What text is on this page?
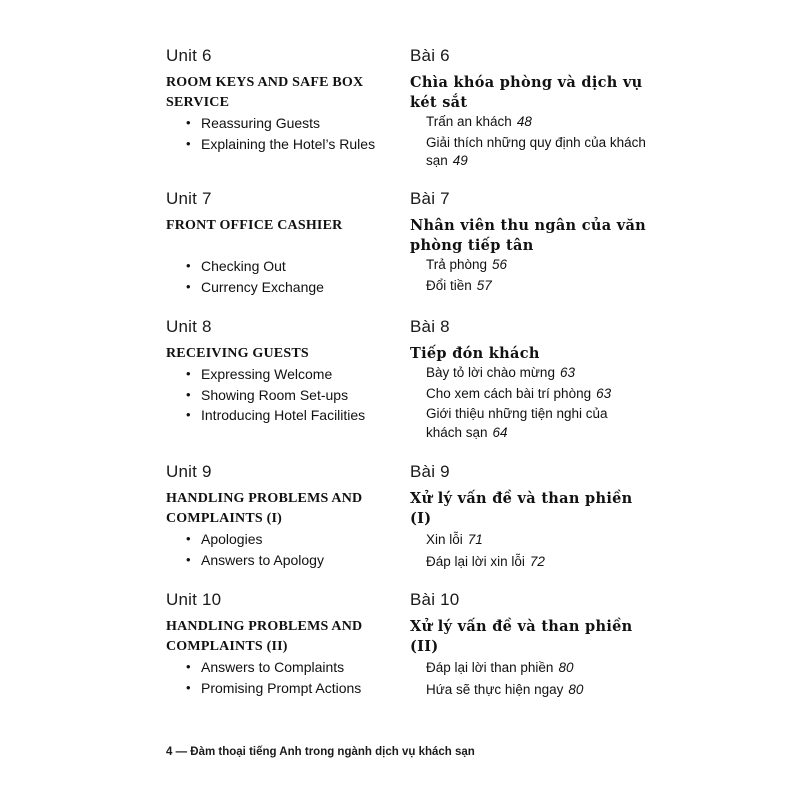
Unit 6
ROOM KEYS AND SAFE BOX SERVICE
• Reassuring Guests
• Explaining the Hotel’s Rules
Unit 7
FRONT OFFICE CASHIER
• Checking Out
• Currency Exchange
Unit 8
RECEIVING GUESTS
• Expressing Welcome
• Showing Room Set-ups
• Introducing Hotel Facilities
Unit 9
HANDLING PROBLEMS AND COMPLAINTS (I)
• Apologies
• Answers to Apology
Unit 10
HANDLING PROBLEMS AND COMPLAINTS (II)
• Answers to Complaints
• Promising Prompt Actions
Bài 6
Chìa khóa phòng và dịch vụ két sắt
Trấn an khách 48
Giải thích những quy định của khách sạn 49
Bài 7
Nhân viên thu ngân của văn phòng tiếp tân
Trả phòng 56
Đổi tiền 57
Bài 8
Tiếp đón khách
Bày tỏ lời chào mừng 63
Cho xem cách bài trí phòng 63
Giới thiệu những tiện nghi của khách sạn 64
Bài 9
Xử lý vấn đề và than phiền (I)
Xin lỗi 71
Đáp lại lời xin lỗi 72
Bài 10
Xử lý vấn đề và than phiền (II)
Đáp lại lời than phiền 80
Hứa sẽ thực hiện ngay 80
4 — Đàm thoại tiếng Anh trong ngành dịch vụ khách sạn
